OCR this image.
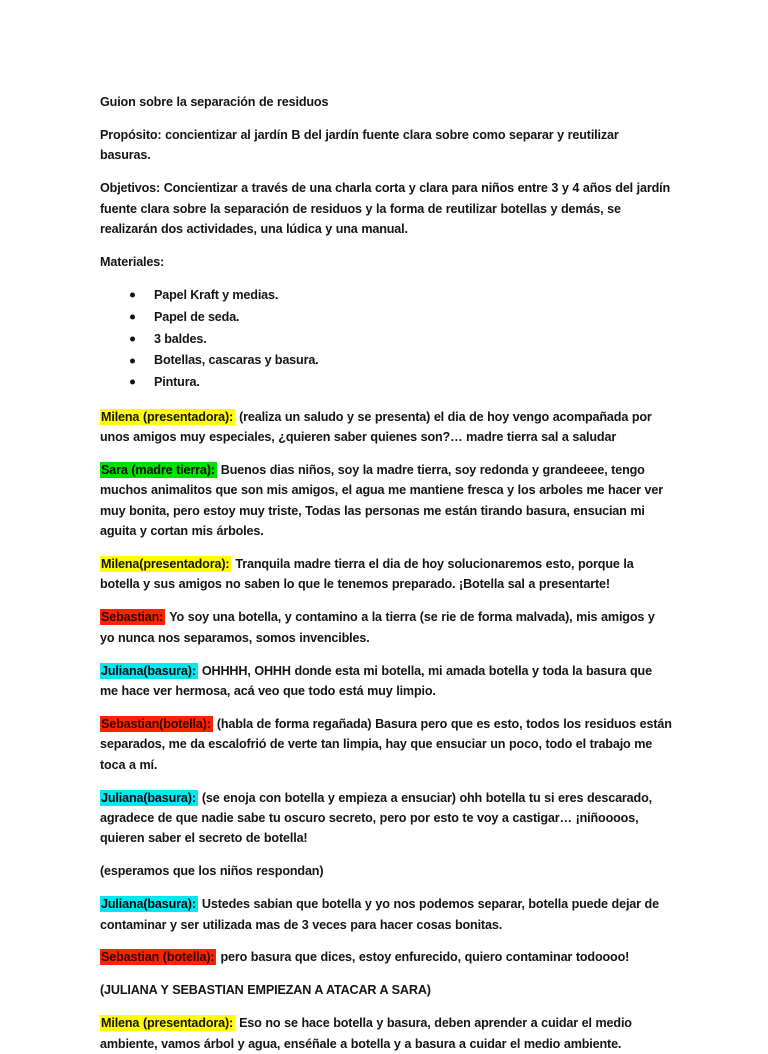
Guion sobre la separación de residuos

Propósito: concientizar al jardín B del jardín fuente clara sobre como separar y reutilizar basuras.

Objetivos: Concientizar a través de una charla corta y clara para niños entre 3 y 4 años del jardín fuente clara sobre la separación de residuos y la forma de reutilizar botellas y demás, se realizarán dos actividades, una lúdica y una manual.

Materiales:

Papel Kraft y medias.
Papel de seda.
3 baldes.
Botellas, cascaras y basura.
Pintura.

Milena (presentadora): (realiza un saludo y se presenta) el dia de hoy vengo acompañada por unos amigos muy especiales, ¿quieren saber quienes son?… madre tierra sal a saludar

Sara (madre tierra): Buenos dias niños, soy la madre tierra, soy redonda y grandeeee, tengo muchos animalitos que son mis amigos, el agua me mantiene fresca y los arboles me hacer ver muy bonita, pero estoy muy triste, Todas las personas me están tirando basura, ensucian mi aguita y cortan mis árboles.

Milena(presentadora): Tranquila madre tierra el dia de hoy solucionaremos esto, porque la botella y sus amigos no saben lo que le tenemos preparado. ¡Botella sal a presentarte!

Sebastian: Yo soy una botella, y contamino a la tierra (se rie de forma malvada), mis amigos y yo nunca nos separamos, somos invencibles.

Juliana(basura): OHHHH, OHHH donde esta mi botella, mi amada botella y toda la basura que me hace ver hermosa, acá veo que todo está muy limpio.

Sebastian(botella): (habla de forma regañada) Basura pero que es esto, todos los residuos están separados, me da escalofrió de verte tan limpia, hay que ensuciar un poco, todo el trabajo me toca a mí.

Juliana(basura): (se enoja con botella y empieza a ensuciar) ohh botella tu si eres descarado, agradece de que nadie sabe tu oscuro secreto, pero por esto te voy a castigar… ¡niñoooos, quieren saber el secreto de botella!

(esperamos que los niños respondan)

Juliana(basura): Ustedes sabian que botella y yo nos podemos separar, botella puede dejar de contaminar y ser utilizada mas de 3 veces para hacer cosas bonitas.

Sebastian (botella): pero basura que dices, estoy enfurecido, quiero contaminar todoooo!

(JULIANA Y SEBASTIAN EMPIEZAN A ATACAR A SARA)

Milena (presentadora): Eso no se hace botella y basura, deben aprender a cuidar el medio ambiente, vamos árbol y agua, enséñale a botella y a basura a cuidar el medio ambiente.
